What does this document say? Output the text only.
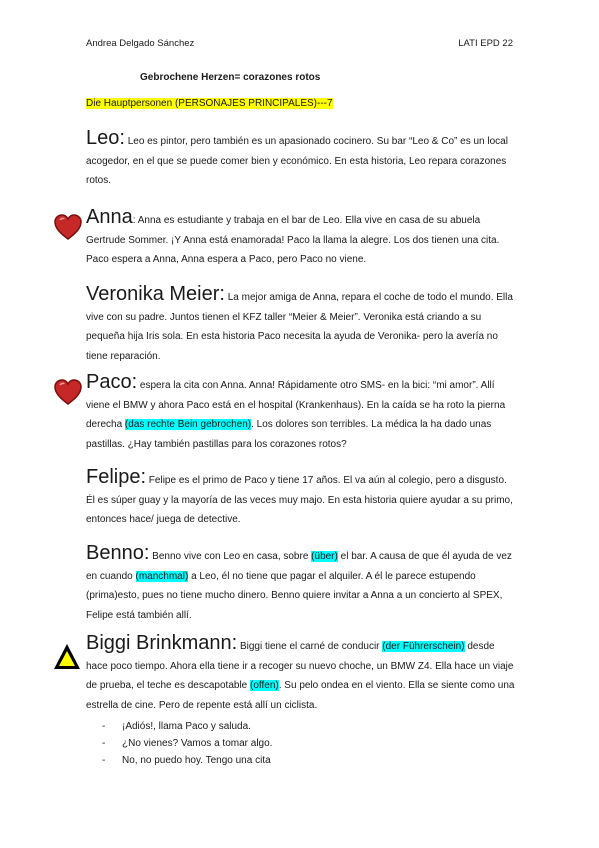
Andrea Delgado Sánchez	LATI EPD 22
Gebrochene Herzen= corazones rotos
Die Hauptpersonen (PERSONAJES PRINCIPALES)---7
Leo: Leo es pintor, pero también es un apasionado cocinero. Su bar “Leo & Co” es un local acogedor, en el que se puede comer bien y económico. En esta historia, Leo repara corazones rotos.
Anna: Anna es estudiante y trabaja en el bar de Leo. Ella vive en casa de su abuela Gertrude Sommer. ¡Y Anna está enamorada! Paco la llama la alegre. Los dos tienen una cita. Paco espera a Anna, Anna espera a Paco, pero Paco no viene.
Veronika Meier: La mejor amiga de Anna, repara el coche de todo el mundo. Ella vive con su padre. Juntos tienen el KFZ taller “Meier & Meier”. Veronika está criando a su pequeña hija Iris sola. En esta historia Paco necesita la ayuda de Veronika- pero la avería no tiene reparación.
Paco: espera la cita con Anna. Anna! Rápidamente otro SMS- en la bici: “mi amor”. Allí viene el BMW y ahora Paco está en el hospital (Krankenhaus). En la caída se ha roto la pierna derecha (das rechte Bein gebrochen). Los dolores son terribles. La médica la ha dado unas pastillas. ¿Hay también pastillas para los corazones rotos?
Felipe: Felipe es el primo de Paco y tiene 17 años. El va aún al colegio, pero a disgusto. Él es súper guay y la mayoría de las veces muy majo. En esta historia quiere ayudar a su primo, entonces hace/ juega de detective.
Benno: Benno vive con Leo en casa, sobre (über) el bar. A causa de que él ayuda de vez en cuando (manchmal) a Leo, él no tiene que pagar el alquiler. A él le parece estupendo (prima)esto, pues no tiene mucho dinero. Benno quiere invitar a Anna a un concierto al SPEX, Felipe está también allí.
Biggi Brinkmann: Biggi tiene el carné de conducir (der Führerschein) desde hace poco tiempo. Ahora ella tiene ir a recoger su nuevo choche, un BMW Z4. Ella hace un viaje de prueba, el teche es descapotable (offen). Su pelo ondea en el viento. Ella se siente como una estrella de cine. Pero de repente está allí un ciclista.
- ¡Adiós!, llama Paco y saluda.
- ¿No vienes? Vamos a tomar algo.
- No, no puedo hoy. Tengo una cita
